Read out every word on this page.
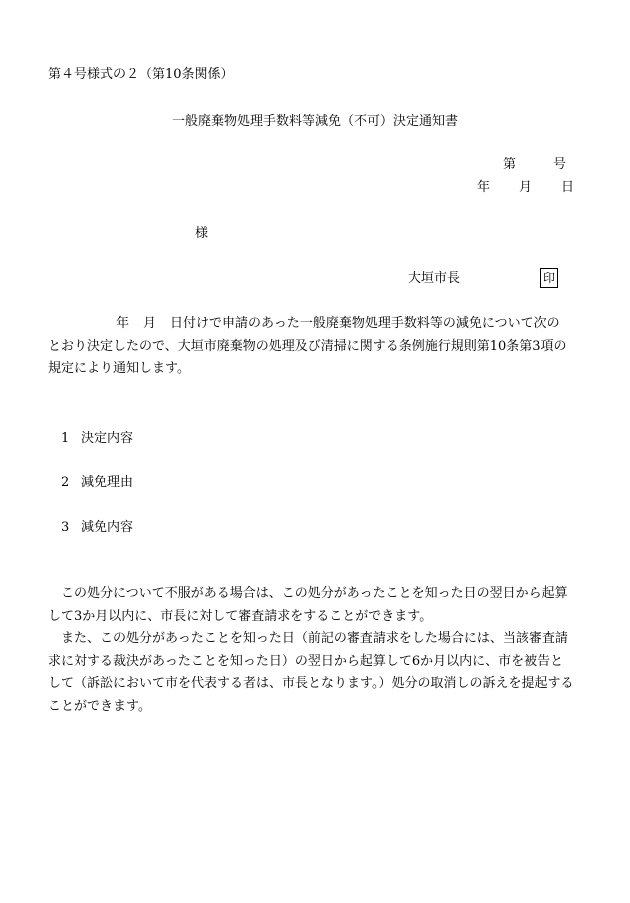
第４号様式の２（第10条関係）
一般廃棄物処理手数料等減免（不可）決定通知書
第	号
年 月 日
様
大垣市長	印
年 月 日付けで申請のあった一般廃棄物処理手数料等の減免について次の
とおり決定したので、大垣市廃棄物の処理及び清掃に関する条例施行規則第10条第3項の
規定により通知します。
1 決定内容
2 減免理由
3 減免内容
この処分について不服がある場合は、この処分があったことを知った日の翌日から起算
して3か月以内に、市長に対して審査請求をすることができます。
また、この処分があったことを知った日（前記の審査請求をした場合には、当該審査請
求に対する裁決があったことを知った日）の翌日から起算して6か月以内に、市を被告と
して（訴訟において市を代表する者は、市長となります。）処分の取消しの訴えを提起する
ことができます。
